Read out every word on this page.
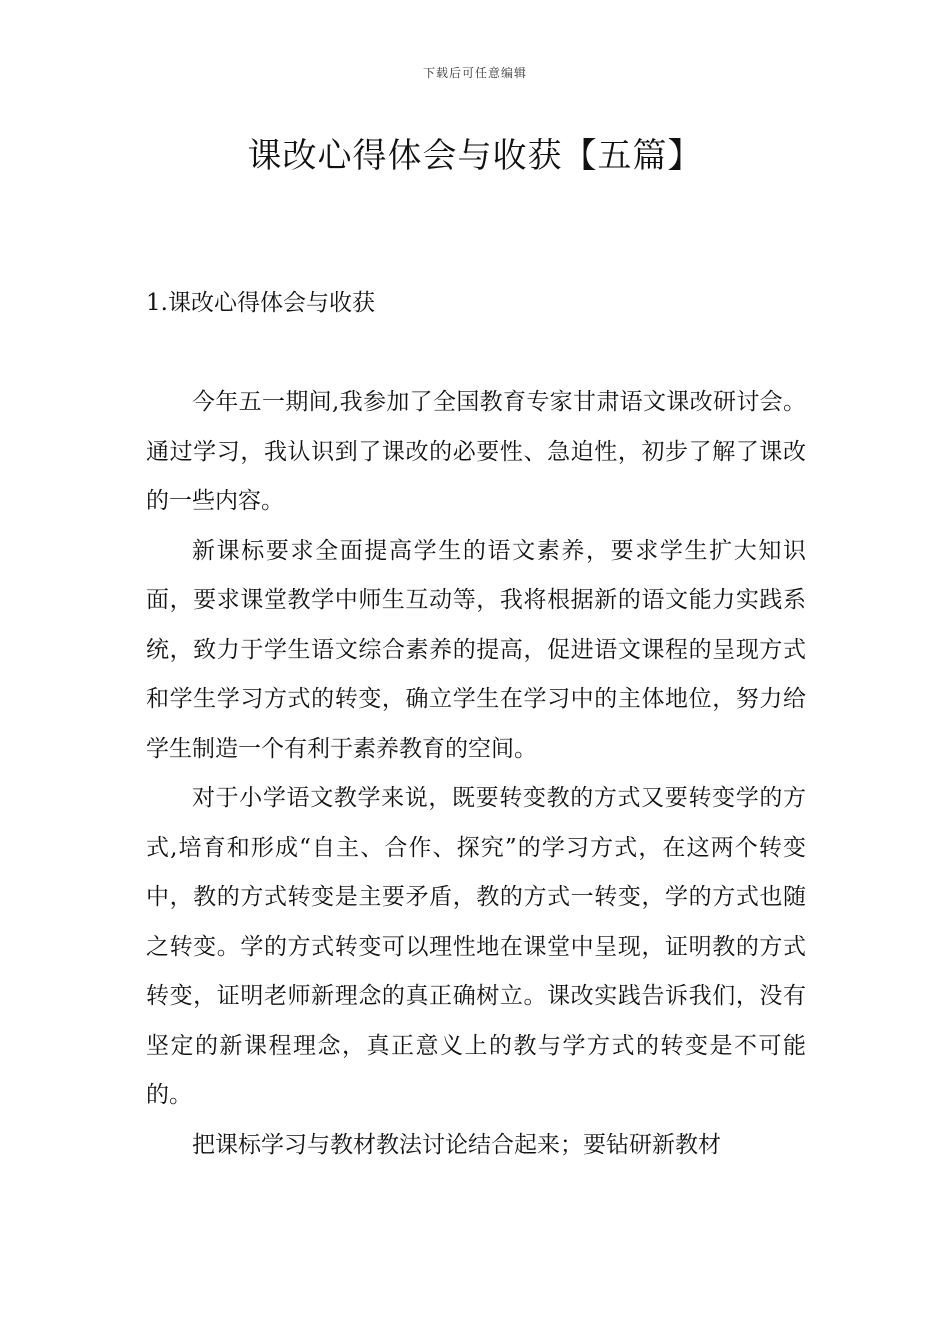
下载后可任意编辑
课改心得体会与收获【五篇】
1.课改心得体会与收获

今年五一期间,我参加了全国教育专家甘肃语文课改研讨会。通过学习，我认识到了课改的必要性、急迫性，初步了解了课改的一些内容。

新课标要求全面提高学生的语文素养，要求学生扩大知识面，要求课堂教学中师生互动等，我将根据新的语文能力实践系统，致力于学生语文综合素养的提高，促进语文课程的呈现方式和学生学习方式的转变，确立学生在学习中的主体地位，努力给学生制造一个有利于素养教育的空间。

对于小学语文教学来说，既要转变教的方式又要转变学的方式,培育和形成“自主、合作、探究”的学习方式，在这两个转变中，教的方式转变是主要矛盾，教的方式一转变，学的方式也随之转变。学的方式转变可以理性地在课堂中呈现，证明教的方式转变，证明老师新理念的真正确树立。课改实践告诉我们，没有坚定的新课程理念，真正意义上的教与学方式的转变是不可能的。

把课标学习与教材教法讨论结合起来；要钻研新教材
